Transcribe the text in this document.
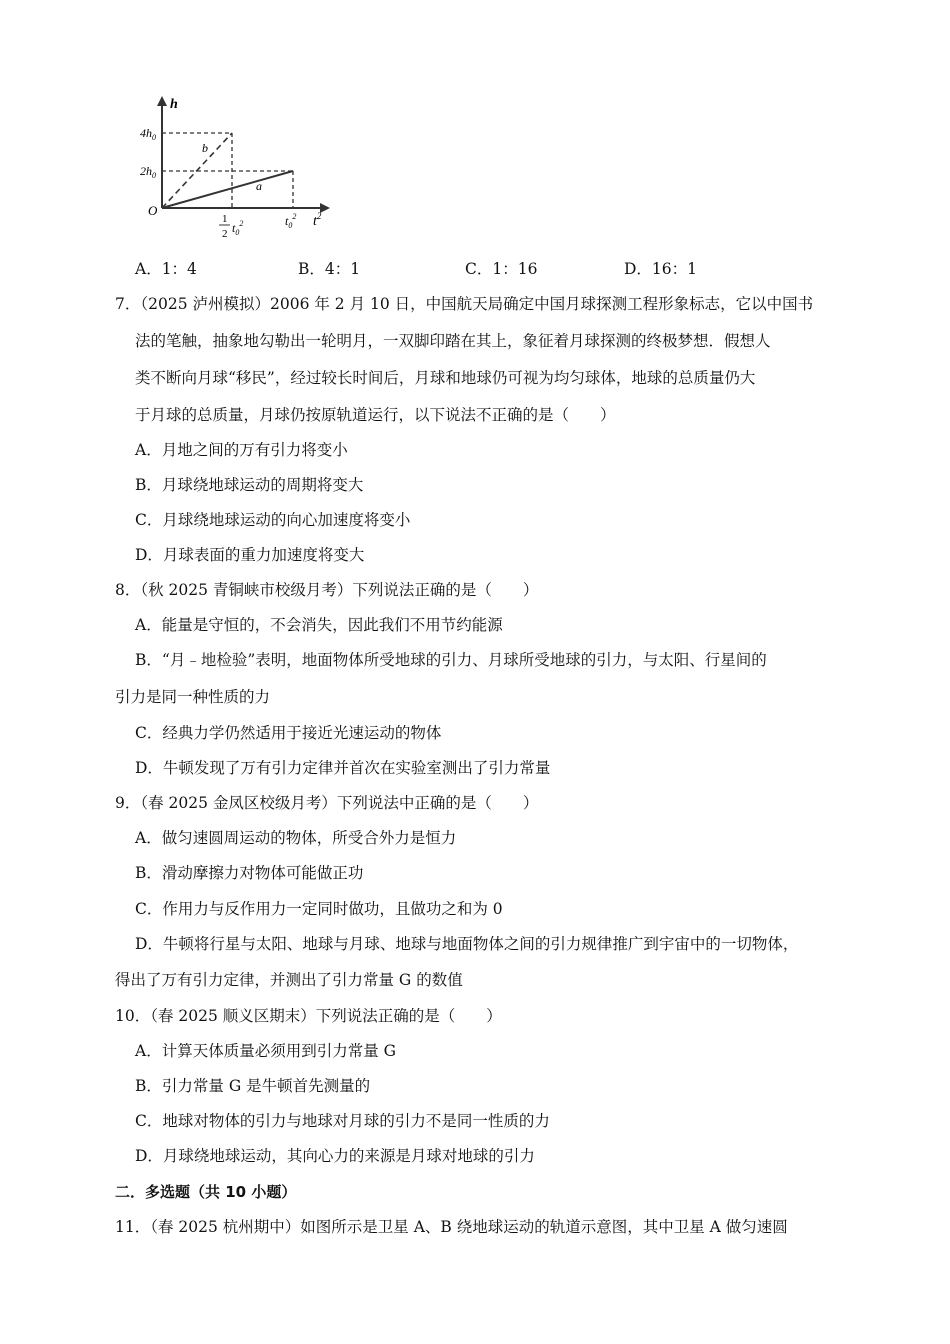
h
$t^2$
O
$4h_0$
$2h_0$
b
a
1
2 $t_0^2$	$t_0^2$
A．1：4	B．4：1	C．1：16	D．16：1
7．（2025 泸州模拟）2006 年 2 月 10 日，中国航天局确定中国月球探测工程形象标志，它以中国书
法的笔触，抽象地勾勒出一轮明月，一双脚印踏在其上，象征着月球探测的终极梦想．假想人
类不断向月球“移民”，经过较长时间后，月球和地球仍可视为均匀球体，地球的总质量仍大
于月球的总质量，月球仍按原轨道运行，以下说法不正确的是（　　）
A．月地之间的万有引力将变小
B．月球绕地球运动的周期将变大
C．月球绕地球运动的向心加速度将变小
D．月球表面的重力加速度将变大
8．（秋 2025 青铜峡市校级月考）下列说法正确的是（　　）
A．能量是守恒的，不会消失，因此我们不用节约能源
B．“月﹣地检验”表明，地面物体所受地球的引力、月球所受地球的引力，与太阳、行星间的
引力是同一种性质的力
C．经典力学仍然适用于接近光速运动的物体
D．牛顿发现了万有引力定律并首次在实验室测出了引力常量
9．（春 2025 金凤区校级月考）下列说法中正确的是（　　）
A．做匀速圆周运动的物体，所受合外力是恒力
B．滑动摩擦力对物体可能做正功
C．作用力与反作用力一定同时做功，且做功之和为 0
D．牛顿将行星与太阳、地球与月球、地球与地面物体之间的引力规律推广到宇宙中的一切物体，
得出了万有引力定律，并测出了引力常量 G 的数值
10．（春 2025 顺义区期末）下列说法正确的是（　　）
A．计算天体质量必须用到引力常量 G
B．引力常量 G 是牛顿首先测量的
C．地球对物体的引力与地球对月球的引力不是同一性质的力
D．月球绕地球运动，其向心力的来源是月球对地球的引力
二．多选题（共 10 小题）
11．（春 2025 杭州期中）如图所示是卫星 A、B 绕地球运动的轨道示意图，其中卫星 A 做匀速圆
